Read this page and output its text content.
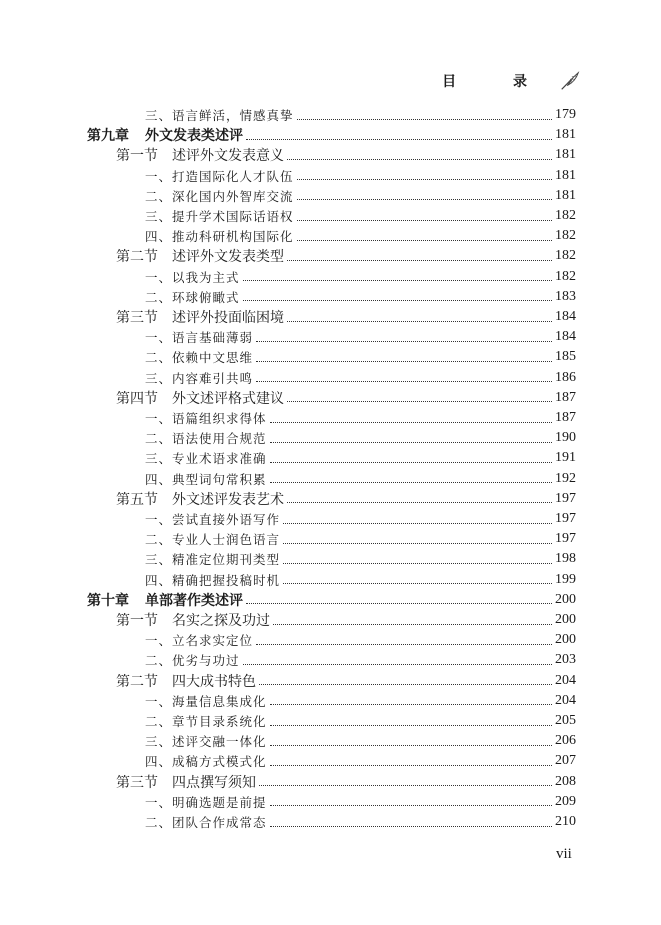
目 录
三、语言鲜活，情感真挚	179
第九章	外文发表类述评	181
第一节	述评外文发表意义	181
一、打造国际化人才队伍	181
二、深化国内外智库交流	181
三、提升学术国际话语权	182
四、推动科研机构国际化	182
第二节	述评外文发表类型	182
一、以我为主式	182
二、环球俯瞰式	183
第三节	述评外投面临困境	184
一、语言基础薄弱	184
二、依赖中文思维	185
三、内容难引共鸣	186
第四节	外文述评格式建议	187
一、语篇组织求得体	187
二、语法使用合规范	190
三、专业术语求准确	191
四、典型词句常积累	192
第五节	外文述评发表艺术	197
一、尝试直接外语写作	197
二、专业人士润色语言	197
三、精准定位期刊类型	198
四、精确把握投稿时机	199
第十章	单部著作类述评	200
第一节	名实之探及功过	200
一、立名求实定位	200
二、优劣与功过	203
第二节	四大成书特色	204
一、海量信息集成化	204
二、章节目录系统化	205
三、述评交融一体化	206
四、成稿方式模式化	207
第三节	四点撰写须知	208
一、明确选题是前提	209
二、团队合作成常态	210
vii
